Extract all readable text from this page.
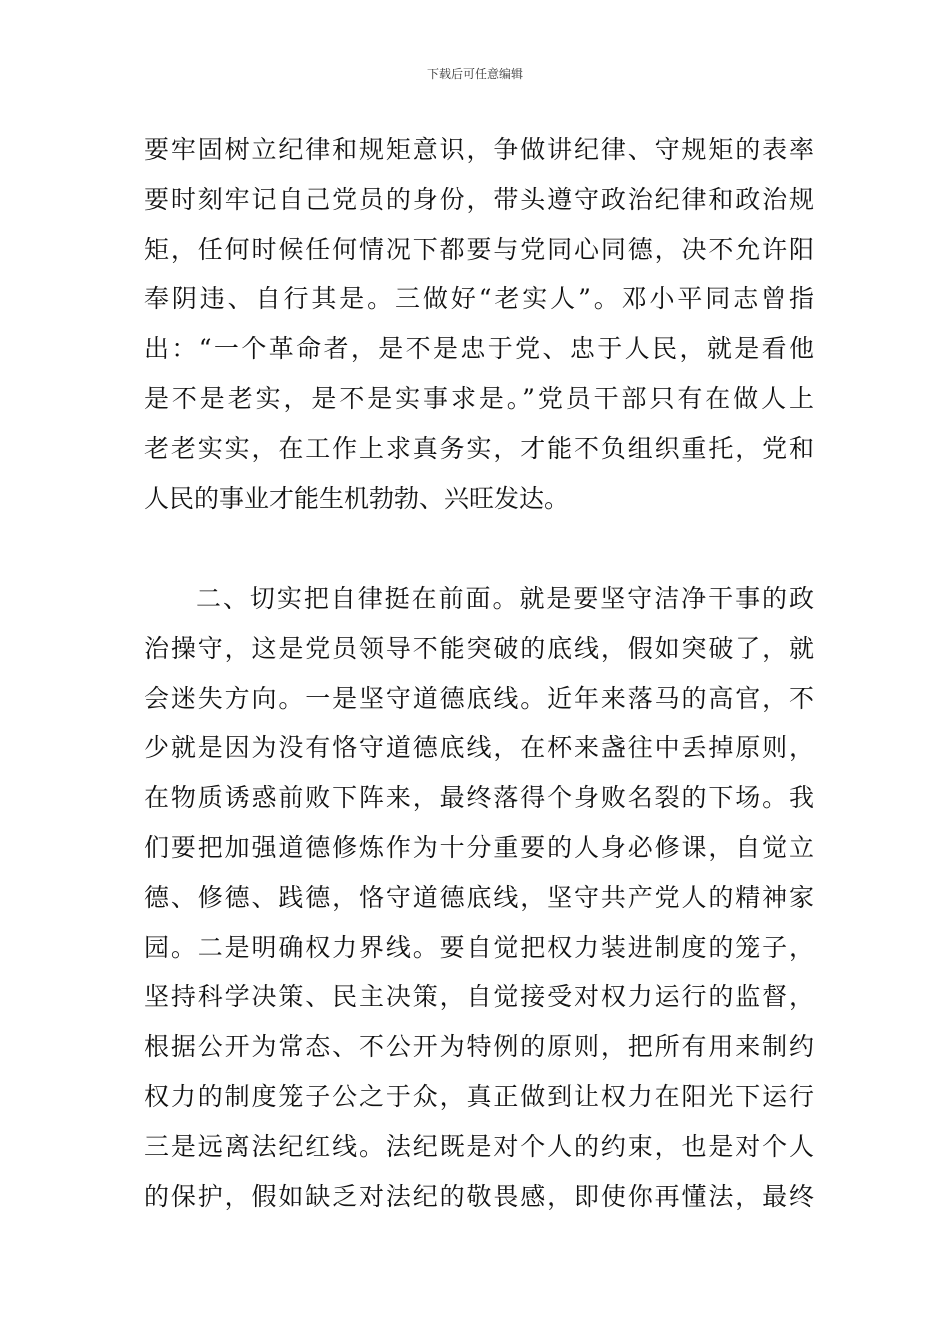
下载后可任意编辑
要牢固树立纪律和规矩意识，争做讲纪律、守规矩的表率
要时刻牢记自己党员的身份，带头遵守政治纪律和政治规
矩，任何时候任何情况下都要与党同心同德，决不允许阳
奉阴违、自行其是。三做好“老实人”。邓小平同志曾指
出：“一个革命者，是不是忠于党、忠于人民，就是看他
是不是老实，是不是实事求是。”党员干部只有在做人上
老老实实，在工作上求真务实，才能不负组织重托，党和
人民的事业才能生机勃勃、兴旺发达。
二、切实把自律挺在前面。就是要坚守洁净干事的政
治操守，这是党员领导不能突破的底线，假如突破了，就
会迷失方向。一是坚守道德底线。近年来落马的高官，不
少就是因为没有恪守道德底线，在杯来盏往中丢掉原则，
在物质诱惑前败下阵来，最终落得个身败名裂的下场。我
们要把加强道德修炼作为十分重要的人身必修课，自觉立
德、修德、践德，恪守道德底线，坚守共产党人的精神家
园。二是明确权力界线。要自觉把权力装进制度的笼子，
坚持科学决策、民主决策，自觉接受对权力运行的监督，
根据公开为常态、不公开为特例的原则，把所有用来制约
权力的制度笼子公之于众，真正做到让权力在阳光下运行
三是远离法纪红线。法纪既是对个人的约束，也是对个人
的保护，假如缺乏对法纪的敬畏感，即使你再懂法，最终
